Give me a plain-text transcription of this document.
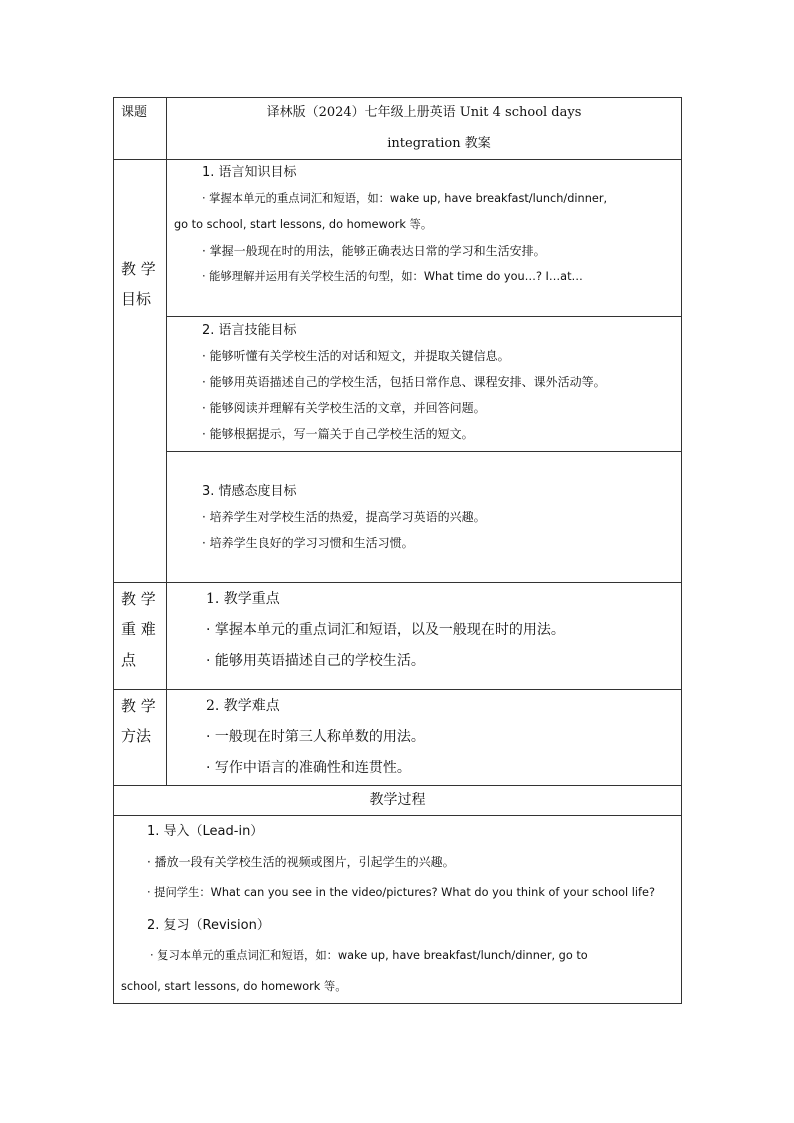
课题	译林版（2024）七年级上册英语 Unit 4 school days
integration 教案
教 学
目标
1. 语言知识目标
· 掌握本单元的重点词汇和短语，如：wake up, have breakfast/lunch/dinner,
go to school, start lessons, do homework 等。
· 掌握一般现在时的用法，能够正确表达日常的学习和生活安排。
· 能够理解并运用有关学校生活的句型，如：What time do you…? I…at…
2. 语言技能目标
· 能够听懂有关学校生活的对话和短文，并提取关键信息。
· 能够用英语描述自己的学校生活，包括日常作息、课程安排、课外活动等。
· 能够阅读并理解有关学校生活的文章，并回答问题。
· 能够根据提示，写一篇关于自己学校生活的短文。
3. 情感态度目标
· 培养学生对学校生活的热爱，提高学习英语的兴趣。
· 培养学生良好的学习习惯和生活习惯。
教 学
重 难
点
1. 教学重点
· 掌握本单元的重点词汇和短语，以及一般现在时的用法。
· 能够用英语描述自己的学校生活。
教 学
方法
2. 教学难点
· 一般现在时第三人称单数的用法。
· 写作中语言的准确性和连贯性。
教学过程
1. 导入（Lead-in）
· 播放一段有关学校生活的视频或图片，引起学生的兴趣。
· 提问学生：What can you see in the video/pictures? What do you think of your school life?
2. 复习（Revision）
· 复习本单元的重点词汇和短语，如：wake up, have breakfast/lunch/dinner, go to
school, start lessons, do homework 等。
